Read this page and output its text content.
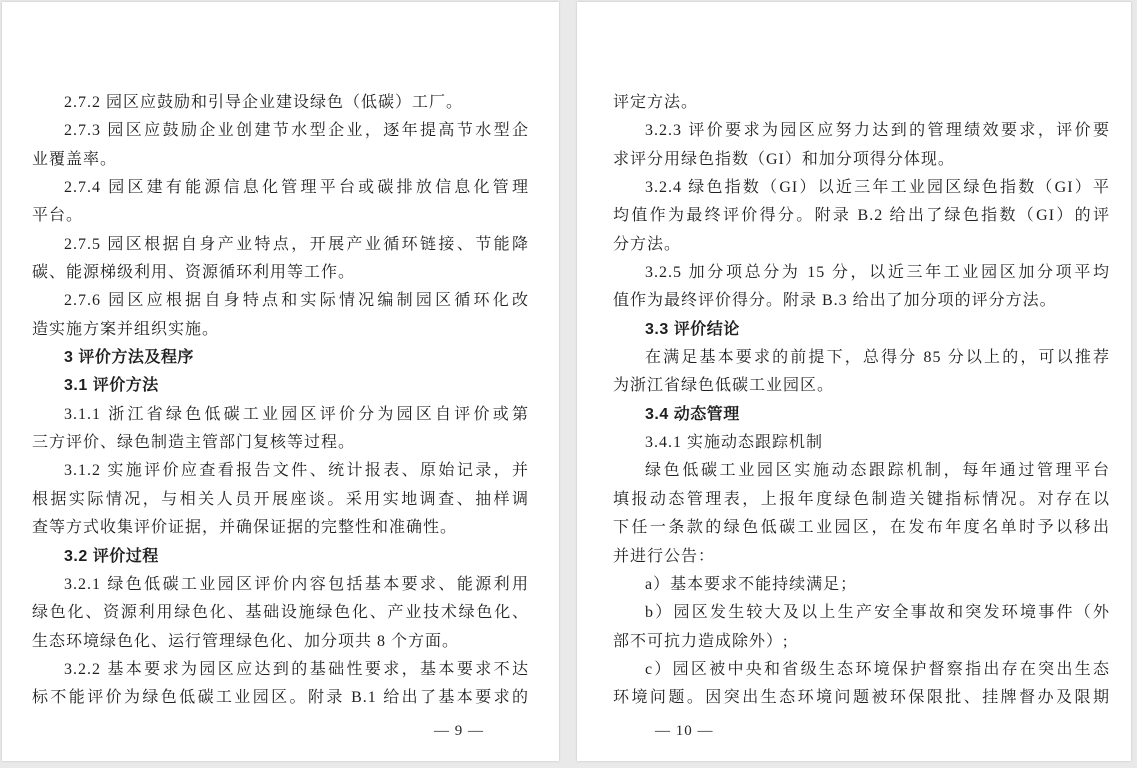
2.7.2 园区应鼓励和引导企业建设绿色（低碳）工厂。
2.7.3 园区应鼓励企业创建节水型企业，逐年提高节水型企
业覆盖率。
2.7.4 园区建有能源信息化管理平台或碳排放信息化管理
平台。
2.7.5 园区根据自身产业特点，开展产业循环链接、节能降
碳、能源梯级利用、资源循环利用等工作。
2.7.6 园区应根据自身特点和实际情况编制园区循环化改
造实施方案并组织实施。
3 评价方法及程序
3.1 评价方法
3.1.1 浙江省绿色低碳工业园区评价分为园区自评价或第
三方评价、绿色制造主管部门复核等过程。
3.1.2 实施评价应查看报告文件、统计报表、原始记录，并
根据实际情况，与相关人员开展座谈。采用实地调查、抽样调
查等方式收集评价证据，并确保证据的完整性和准确性。
3.2 评价过程
3.2.1 绿色低碳工业园区评价内容包括基本要求、能源利用
绿色化、资源利用绿色化、基础设施绿色化、产业技术绿色化、
生态环境绿色化、运行管理绿色化、加分项共 8 个方面。
3.2.2 基本要求为园区应达到的基础性要求，基本要求不达
标不能评价为绿色低碳工业园区。附录 B.1 给出了基本要求的
— 9 —
评定方法。
3.2.3 评价要求为园区应努力达到的管理绩效要求，评价要
求评分用绿色指数（GI）和加分项得分体现。
3.2.4 绿色指数（GI）以近三年工业园区绿色指数（GI）平
均值作为最终评价得分。附录 B.2 给出了绿色指数（GI）的评
分方法。
3.2.5 加分项总分为 15 分，以近三年工业园区加分项平均
值作为最终评价得分。附录 B.3 给出了加分项的评分方法。
3.3 评价结论
在满足基本要求的前提下，总得分 85 分以上的，可以推荐
为浙江省绿色低碳工业园区。
3.4 动态管理
3.4.1 实施动态跟踪机制
绿色低碳工业园区实施动态跟踪机制，每年通过管理平台
填报动态管理表，上报年度绿色制造关键指标情况。对存在以
下任一条款的绿色低碳工业园区，在发布年度名单时予以移出
并进行公告：
a）基本要求不能持续满足；
b）园区发生较大及以上生产安全事故和突发环境事件（外
部不可抗力造成除外）;
c）园区被中央和省级生态环境保护督察指出存在突出生态
环境问题。因突出生态环境问题被环保限批、挂牌督办及限期
— 10 —
